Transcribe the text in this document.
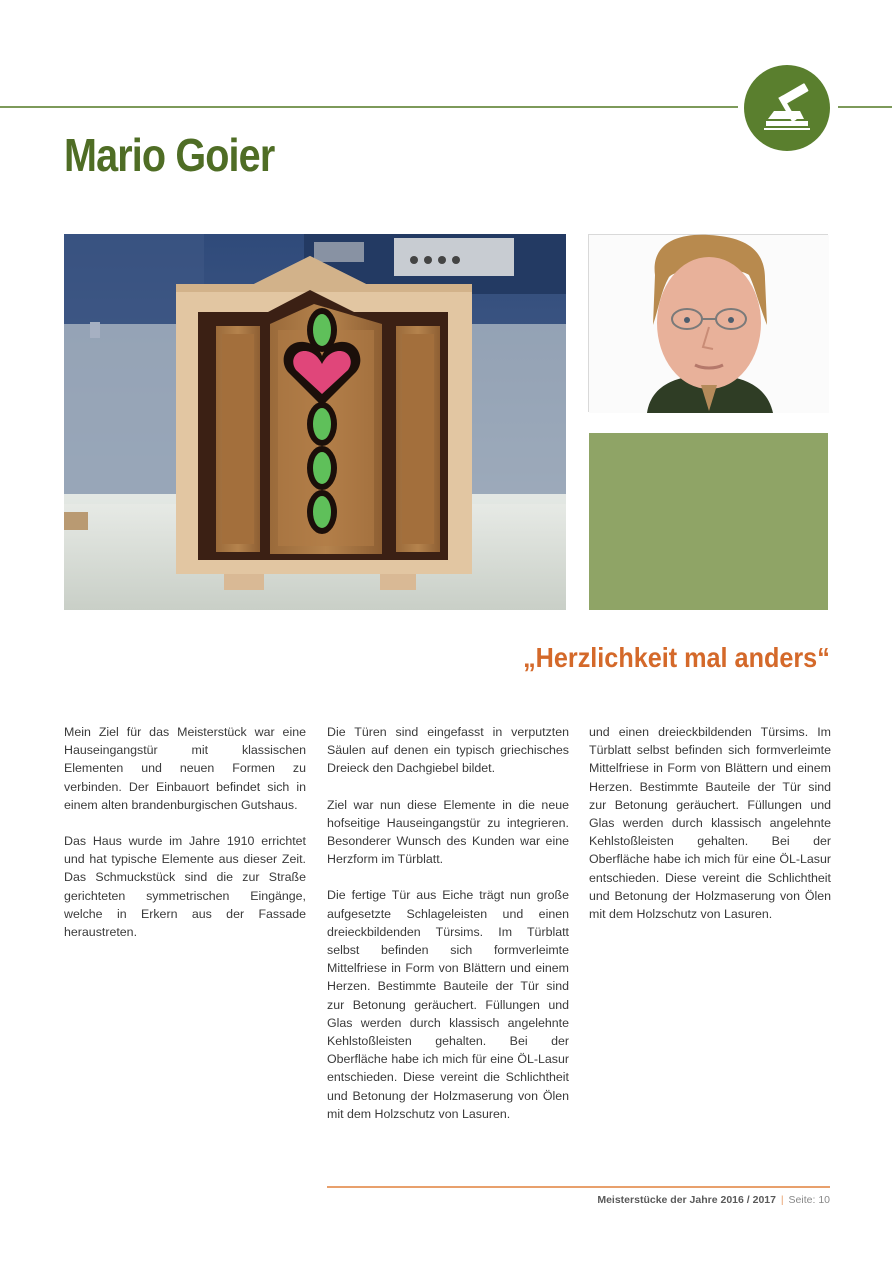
Mario Goier
„Herzlichkeit mal anders“

Mein Ziel für das Meisterstück war eine Hauseingangstür mit klassischen Elementen und neuen Formen zu verbinden. Der Einbauort befindet sich in einem alten brandenburgischen Gutshaus.

Das Haus wurde im Jahre 1910 errichtet und hat typische Elemente aus dieser Zeit. Das Schmuckstück sind die zur Straße gerichteten symmetrischen Eingänge, welche in Erkern aus der Fassade heraustreten.

Die Türen sind eingefasst in verputzten Säulen auf denen ein typisch griechisches Dreieck den Dachgiebel bildet.

Ziel war nun diese Elemente in die neue hofseitige Hauseingangstür zu integrieren. Besonderer Wunsch des Kunden war eine Herzform im Türblatt.

Die fertige Tür aus Eiche trägt nun große aufgesetzte Schlageleisten und einen dreieckbildenden Türsims. Im Türblatt selbst befinden sich formverleimte Mittelfriese in Form von Blättern und einem Herzen. Bestimmte Bauteile der Tür sind zur Betonung geräuchert. Füllungen und Glas werden durch klassisch angelehnte Kehlstoßleisten gehalten. Bei der Oberfläche habe ich mich für eine ÖL-Lasur entschieden. Diese vereint die Schlichtheit und Betonung der Holzmaserung von Ölen mit dem Holzschutz von Lasuren.

und einen dreieckbildenden Türsims. Im Türblatt selbst befinden sich formverleimte Mittelfriese in Form von Blättern und einem Herzen. Bestimmte Bauteile der Tür sind zur Betonung geräuchert. Füllungen und Glas werden durch klassisch angelehnte Kehlstoßleisten gehalten. Bei der Oberfläche habe ich mich für eine ÖL-Lasur entschieden. Diese vereint die Schlichtheit und Betonung der Holzmaserung von Ölen mit dem Holzschutz von Lasuren.

Meisterstücke der Jahre 2016 / 2017 | Seite: 10
